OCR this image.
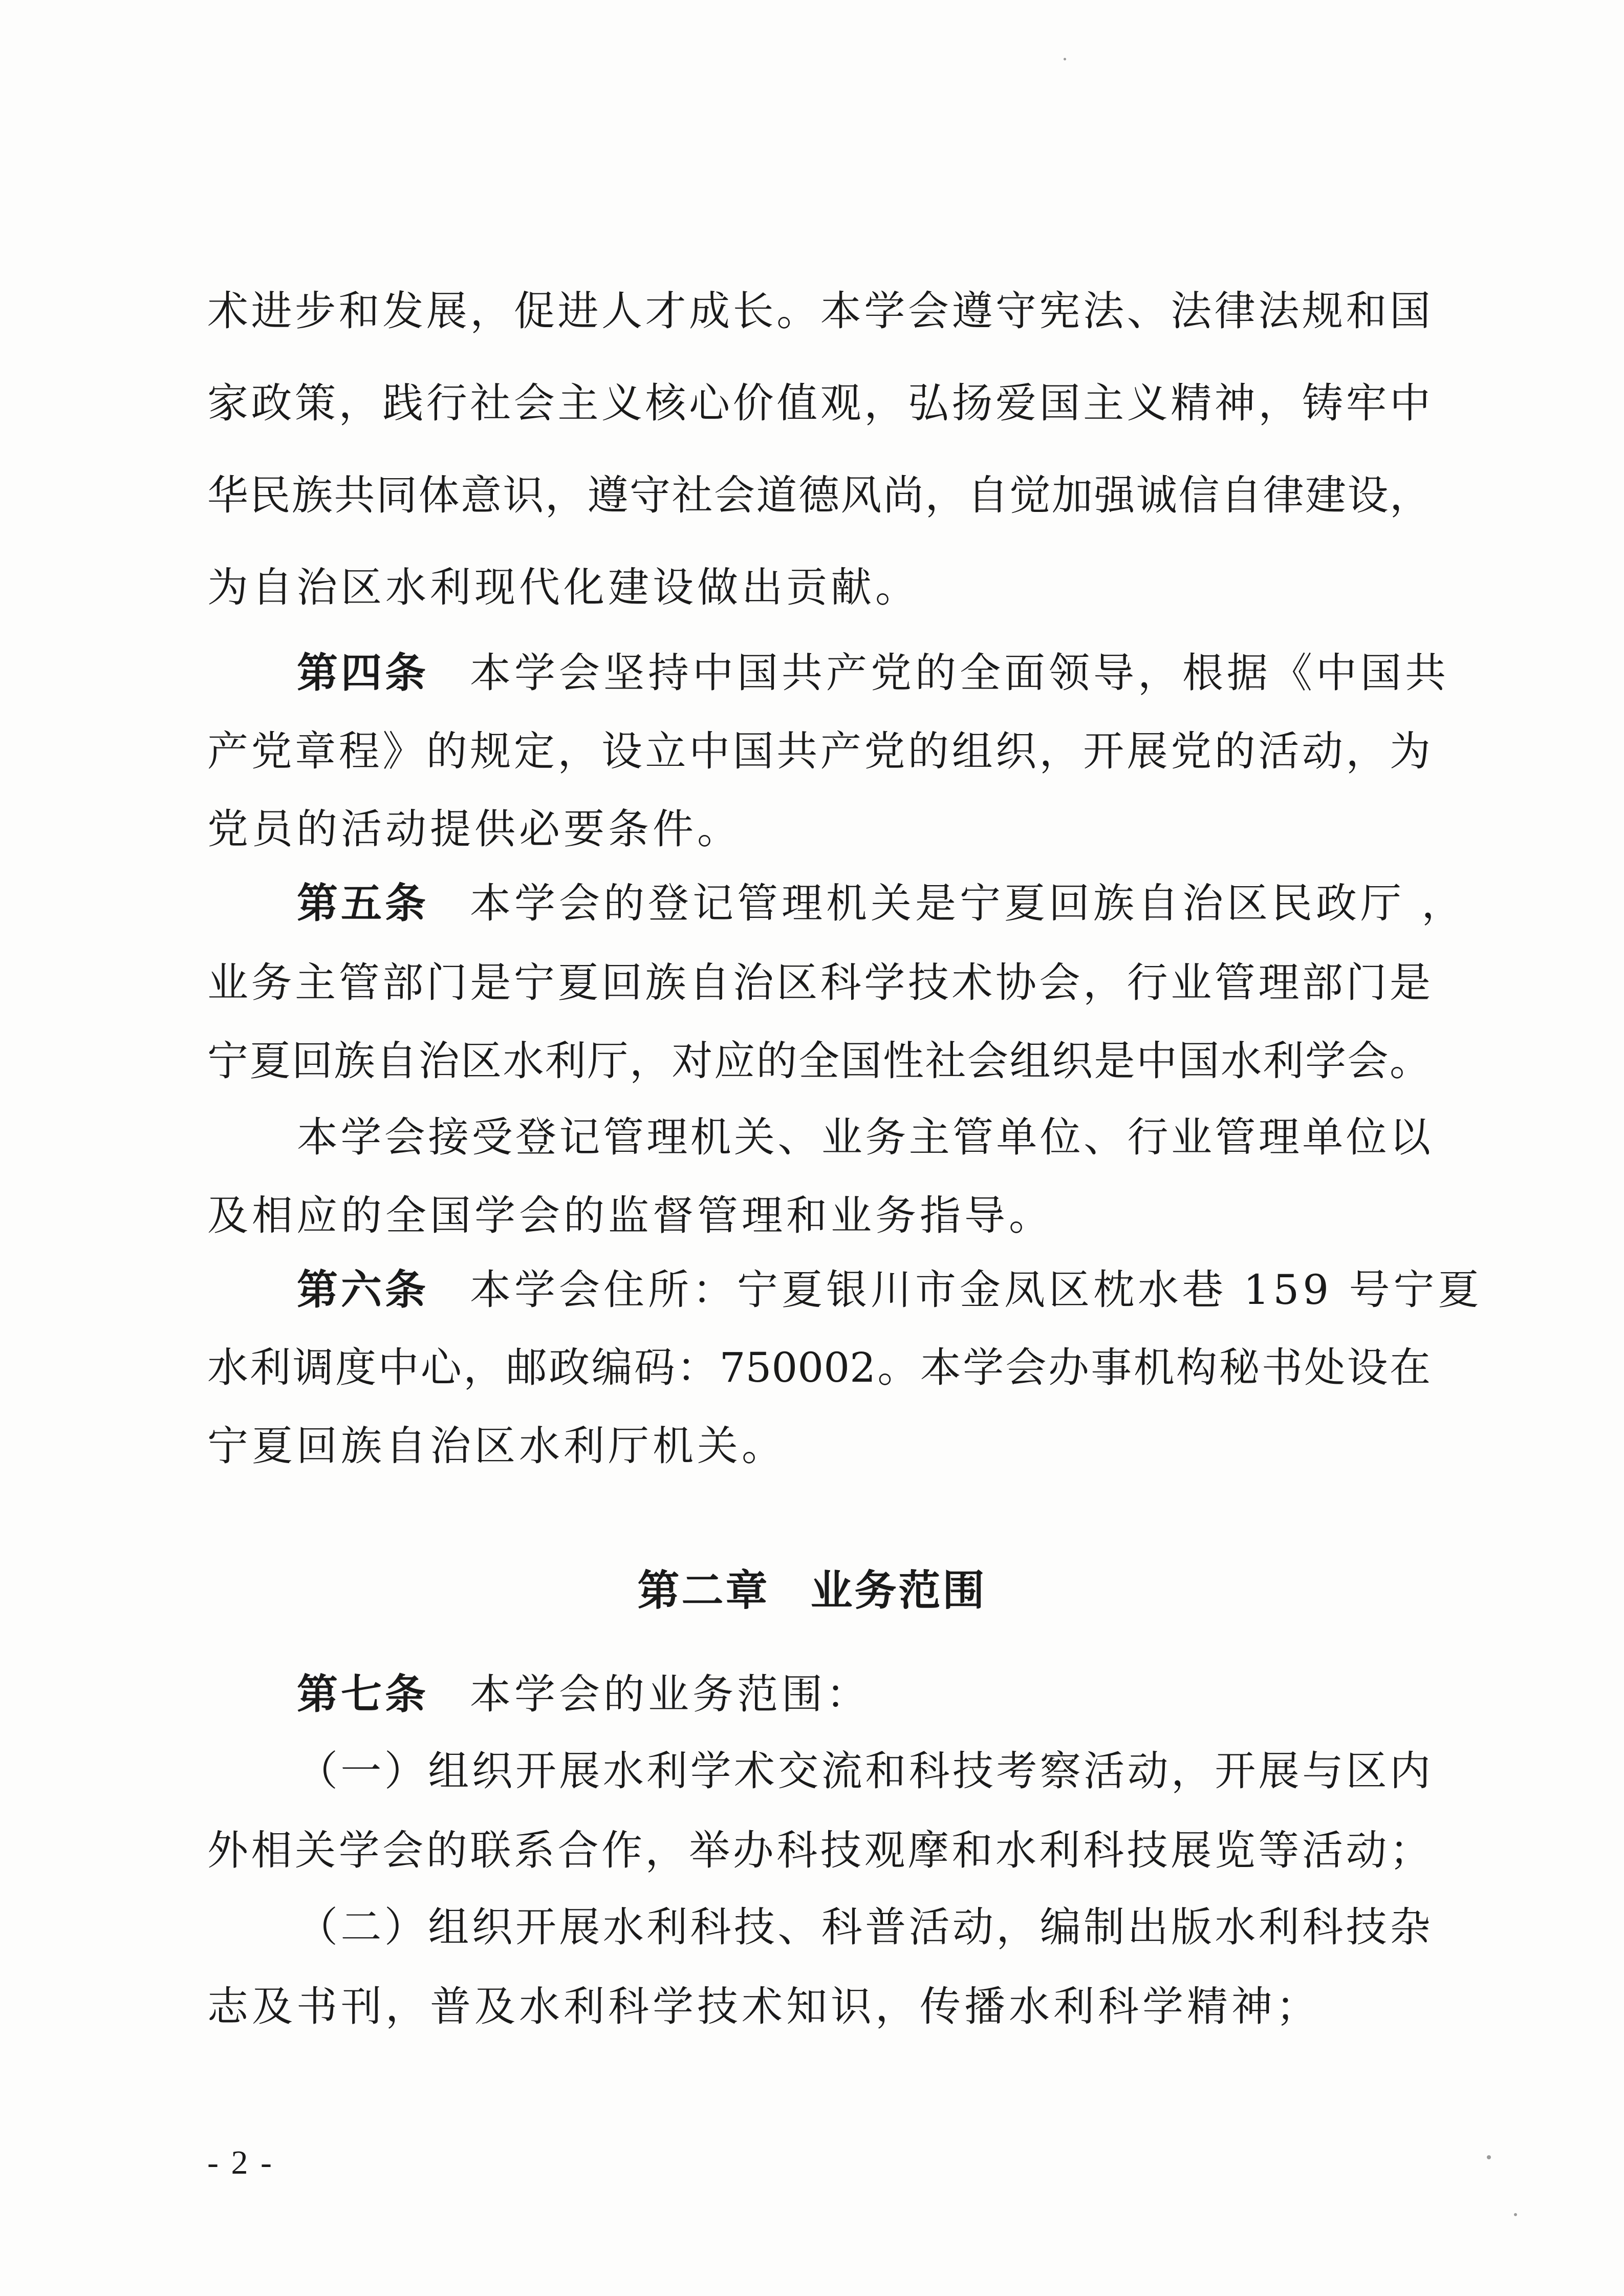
术进步和发展，促进人才成长。本学会遵守宪法、法律法规和国
家政策，践行社会主义核心价值观，弘扬爱国主义精神，铸牢中
华民族共同体意识，遵守社会道德风尚，自觉加强诚信自律建设，
为自治区水利现代化建设做出贡献。
第四条 本学会坚持中国共产党的全面领导，根据《中国共
产党章程》的规定，设立中国共产党的组织，开展党的活动，为
党员的活动提供必要条件。
第五条 本学会的登记管理机关是宁夏回族自治区民政厅 ，
业务主管部门是宁夏回族自治区科学技术协会，行业管理部门是
宁夏回族自治区水利厅，对应的全国性社会组织是中国水利学会。
本学会接受登记管理机关、业务主管单位、行业管理单位以
及相应的全国学会的监督管理和业务指导。
第六条 本学会住所：宁夏银川市金凤区枕水巷 159 号宁夏
水利调度中心，邮政编码：750002。本学会办事机构秘书处设在
宁夏回族自治区水利厅机关。
第七条 本学会的业务范围：
（一）组织开展水利学术交流和科技考察活动，开展与区内
外相关学会的联系合作，举办科技观摩和水利科技展览等活动；
（二）组织开展水利科技、科普活动，编制出版水利科技杂
志及书刊，普及水利科学技术知识，传播水利科学精神；
第二章 业务范围
- 2 -
